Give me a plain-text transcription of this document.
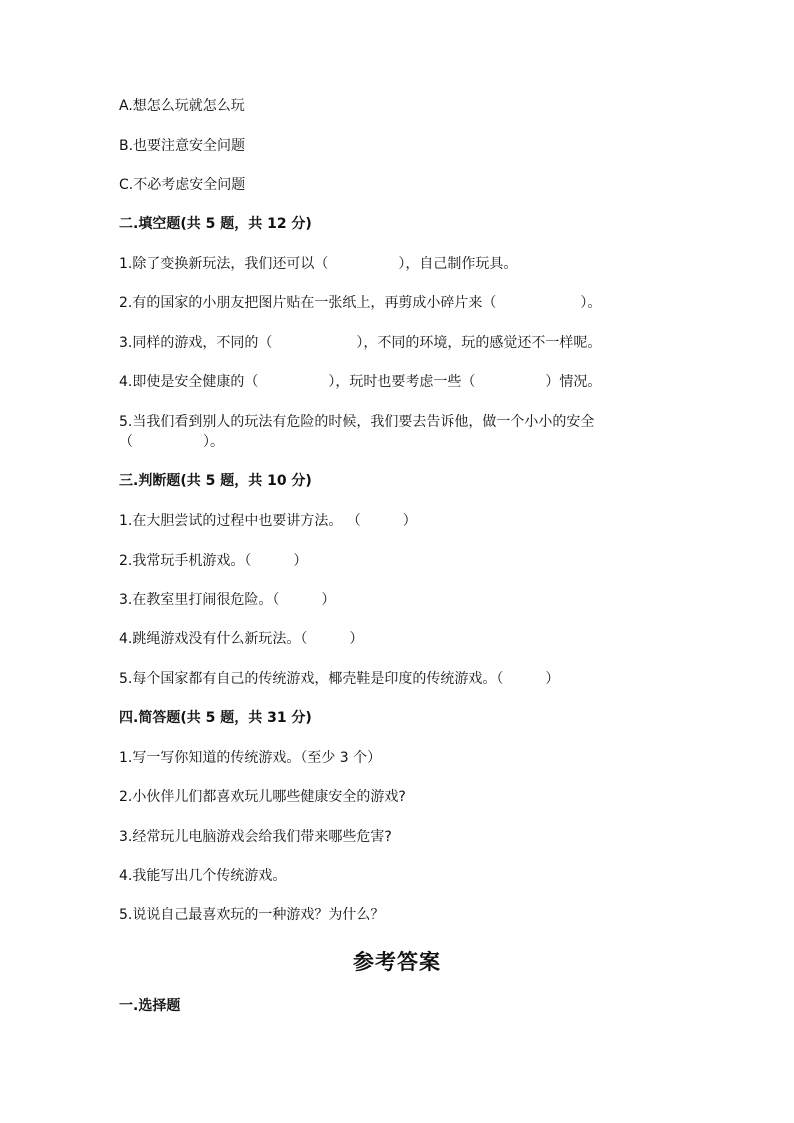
A.想怎么玩就怎么玩
B.也要注意安全问题
C.不必考虑安全问题
二.填空题(共 5 题，共 12 分)
1.除了变换新玩法，我们还可以（　　　　　），自己制作玩具。
2.有的国家的小朋友把图片贴在一张纸上，再剪成小碎片来（　　　　　　）。
3.同样的游戏，不同的（　　　　　　），不同的环境，玩的感觉还不一样呢。
4.即使是安全健康的（　　　　　），玩时也要考虑一些（　　　　　）情况。
5.当我们看到别人的玩法有危险的时候，我们要去告诉他，做一个小小的安全
（　　　　　）。
三.判断题(共 5 题，共 10 分)
1.在大胆尝试的过程中也要讲方法。 （　　　）
2.我常玩手机游戏。（　　　）
3.在教室里打闹很危险。（　　　）
4.跳绳游戏没有什么新玩法。（　　　）
5.每个国家都有自己的传统游戏，椰壳鞋是印度的传统游戏。（　　　）
四.简答题(共 5 题，共 31 分)
1.写一写你知道的传统游戏。（至少 3 个）
2.小伙伴儿们都喜欢玩儿哪些健康安全的游戏?
3.经常玩儿电脑游戏会给我们带来哪些危害?
4.我能写出几个传统游戏。
5.说说自己最喜欢玩的一种游戏？为什么？
参考答案
一.选择题
